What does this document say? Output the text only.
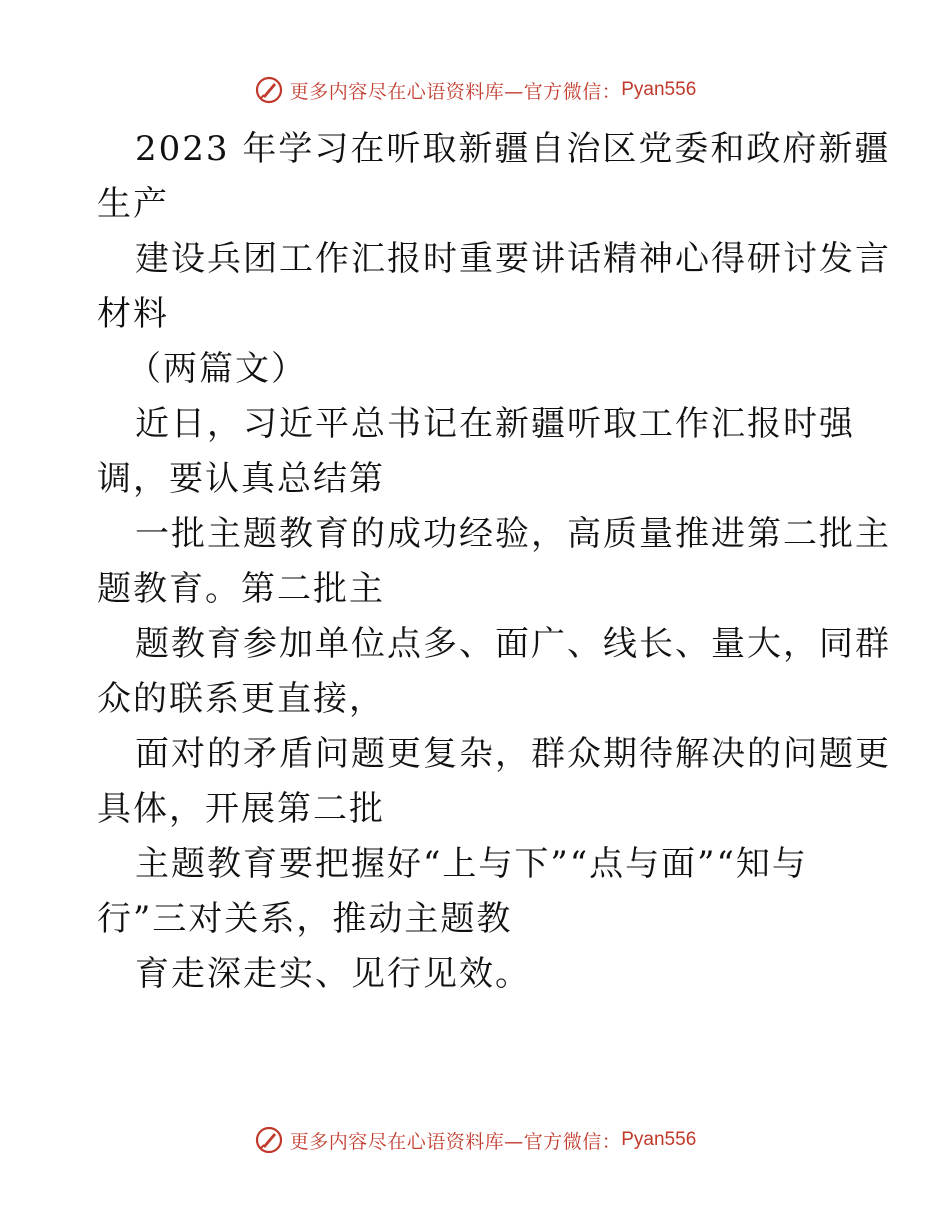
更多内容尽在心语资料库—官方微信： Pyan556
2023 年学习在听取新疆自治区党委和政府新疆
生产
建设兵团工作汇报时重要讲话精神心得研讨发言
材料
（两篇文）
近日，习近平总书记在新疆听取工作汇报时强
调，要认真总结第
一批主题教育的成功经验，高质量推进第二批主
题教育。第二批主
题教育参加单位点多、面广、线长、量大，同群
众的联系更直接，
面对的矛盾问题更复杂，群众期待解决的问题更
具体，开展第二批
主题教育要把握好“上与下”“点与面”“知与
行”三对关系，推动主题教
育走深走实、见行见效。
更多内容尽在心语资料库—官方微信： Pyan556
